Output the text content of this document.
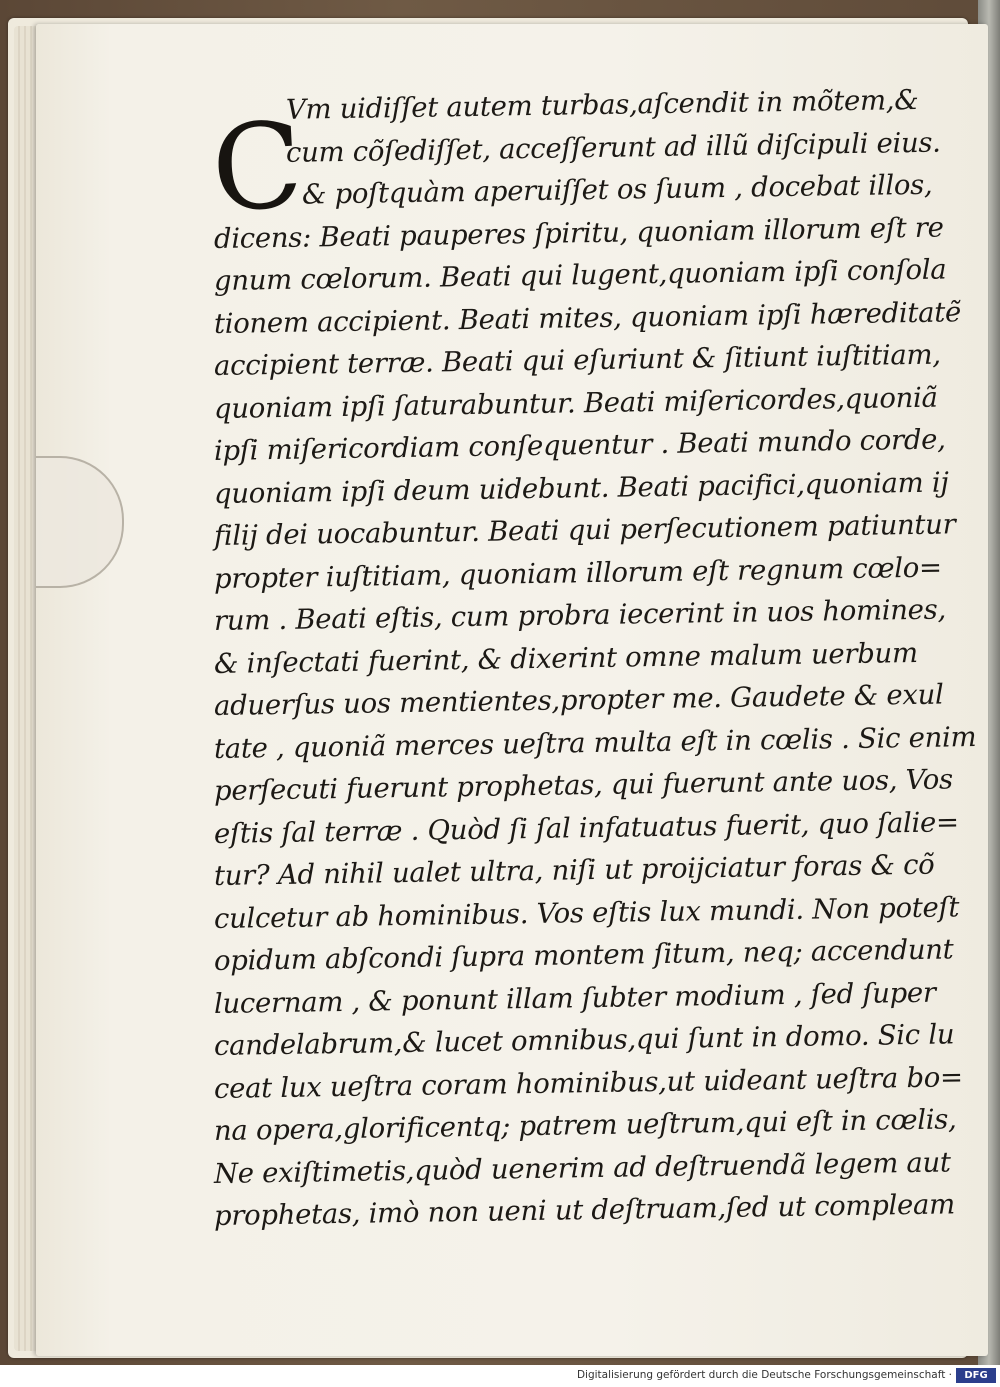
C
Vm uidiſſet autem turbas,aſcendit in mõtem,&
cum cõſediſſet, acceſſerunt ad illũ diſcipuli eius.
& poſtquàm aperuiſſet os ſuum , docebat illos,
dicens: Beati pauperes ſpiritu, quoniam illorum eſt re
gnum cœlorum. Beati qui lugent,quoniam ipſi conſola
tionem accipient. Beati mites, quoniam ipſi hæreditatẽ
accipient terræ. Beati qui eſuriunt & ſitiunt iuſtitiam,
quoniam ipſi ſaturabuntur. Beati miſericordes,quoniã
ipſi miſericordiam conſequentur . Beati mundo corde,
quoniam ipſi deum uidebunt. Beati pacifici,quoniam ij
filij dei uocabuntur. Beati qui perſecutionem patiuntur
propter iuſtitiam, quoniam illorum eſt regnum cœlo=
rum . Beati eſtis, cum probra iecerint in uos homines,
& inſectati fuerint, & dixerint omne malum uerbum
aduerſus uos mentientes,propter me. Gaudete & exul
tate , quoniã merces ueſtra multa eſt in cœlis . Sic enim
perſecuti fuerunt prophetas, qui fuerunt ante uos, Vos
eſtis ſal terræ . Quòd ſi ſal infatuatus fuerit, quo ſalie=
tur? Ad nihil ualet ultra, niſi ut proijciatur foras & cõ
culcetur ab hominibus. Vos eſtis lux mundi. Non poteſt
opidum abſcondi ſupra montem ſitum, neq; accendunt
lucernam , & ponunt illam ſubter modium , ſed ſuper
candelabrum,& lucet omnibus,qui ſunt in domo. Sic lu
ceat lux ueſtra coram hominibus,ut uideant ueſtra bo=
na opera,glorificentq; patrem ueſtrum,qui eſt in cœlis,
Ne exiſtimetis,quòd uenerim ad deſtruendã legem aut
prophetas, imò non ueni ut deſtruam,ſed ut compleam
Digitalisierung gefördert durch die Deutsche Forschungsgemeinschaft ·	DFG
